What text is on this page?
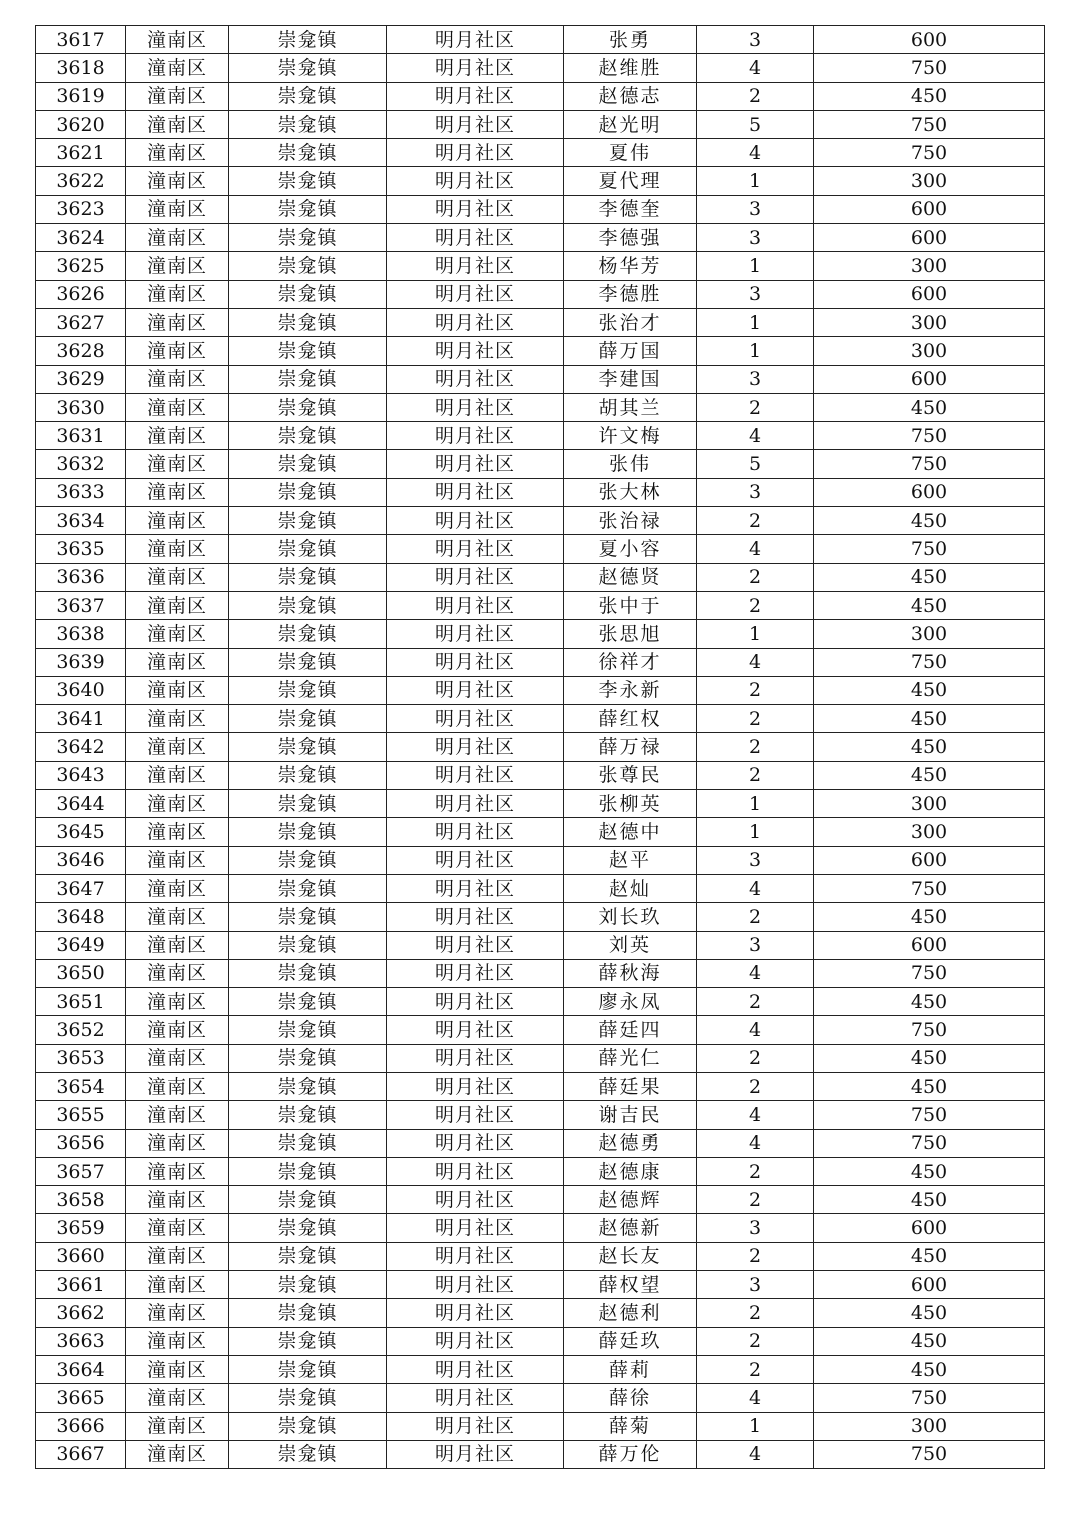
3617	潼南区	崇龛镇	明月社区	张勇	3	600
3618	潼南区	崇龛镇	明月社区	赵维胜	4	750
3619	潼南区	崇龛镇	明月社区	赵德志	2	450
3620	潼南区	崇龛镇	明月社区	赵光明	5	750
3621	潼南区	崇龛镇	明月社区	夏伟	4	750
3622	潼南区	崇龛镇	明月社区	夏代理	1	300
3623	潼南区	崇龛镇	明月社区	李德奎	3	600
3624	潼南区	崇龛镇	明月社区	李德强	3	600
3625	潼南区	崇龛镇	明月社区	杨华芳	1	300
3626	潼南区	崇龛镇	明月社区	李德胜	3	600
3627	潼南区	崇龛镇	明月社区	张治才	1	300
3628	潼南区	崇龛镇	明月社区	薛万国	1	300
3629	潼南区	崇龛镇	明月社区	李建国	3	600
3630	潼南区	崇龛镇	明月社区	胡其兰	2	450
3631	潼南区	崇龛镇	明月社区	许文梅	4	750
3632	潼南区	崇龛镇	明月社区	张伟	5	750
3633	潼南区	崇龛镇	明月社区	张大林	3	600
3634	潼南区	崇龛镇	明月社区	张治禄	2	450
3635	潼南区	崇龛镇	明月社区	夏小容	4	750
3636	潼南区	崇龛镇	明月社区	赵德贤	2	450
3637	潼南区	崇龛镇	明月社区	张中于	2	450
3638	潼南区	崇龛镇	明月社区	张思旭	1	300
3639	潼南区	崇龛镇	明月社区	徐祥才	4	750
3640	潼南区	崇龛镇	明月社区	李永新	2	450
3641	潼南区	崇龛镇	明月社区	薛红权	2	450
3642	潼南区	崇龛镇	明月社区	薛万禄	2	450
3643	潼南区	崇龛镇	明月社区	张尊民	2	450
3644	潼南区	崇龛镇	明月社区	张柳英	1	300
3645	潼南区	崇龛镇	明月社区	赵德中	1	300
3646	潼南区	崇龛镇	明月社区	赵平	3	600
3647	潼南区	崇龛镇	明月社区	赵灿	4	750
3648	潼南区	崇龛镇	明月社区	刘长玖	2	450
3649	潼南区	崇龛镇	明月社区	刘英	3	600
3650	潼南区	崇龛镇	明月社区	薛秋海	4	750
3651	潼南区	崇龛镇	明月社区	廖永凤	2	450
3652	潼南区	崇龛镇	明月社区	薛廷四	4	750
3653	潼南区	崇龛镇	明月社区	薛光仁	2	450
3654	潼南区	崇龛镇	明月社区	薛廷果	2	450
3655	潼南区	崇龛镇	明月社区	谢吉民	4	750
3656	潼南区	崇龛镇	明月社区	赵德勇	4	750
3657	潼南区	崇龛镇	明月社区	赵德康	2	450
3658	潼南区	崇龛镇	明月社区	赵德辉	2	450
3659	潼南区	崇龛镇	明月社区	赵德新	3	600
3660	潼南区	崇龛镇	明月社区	赵长友	2	450
3661	潼南区	崇龛镇	明月社区	薛权望	3	600
3662	潼南区	崇龛镇	明月社区	赵德利	2	450
3663	潼南区	崇龛镇	明月社区	薛廷玖	2	450
3664	潼南区	崇龛镇	明月社区	薛莉	2	450
3665	潼南区	崇龛镇	明月社区	薛徐	4	750
3666	潼南区	崇龛镇	明月社区	薛菊	1	300
3667	潼南区	崇龛镇	明月社区	薛万伦	4	750
